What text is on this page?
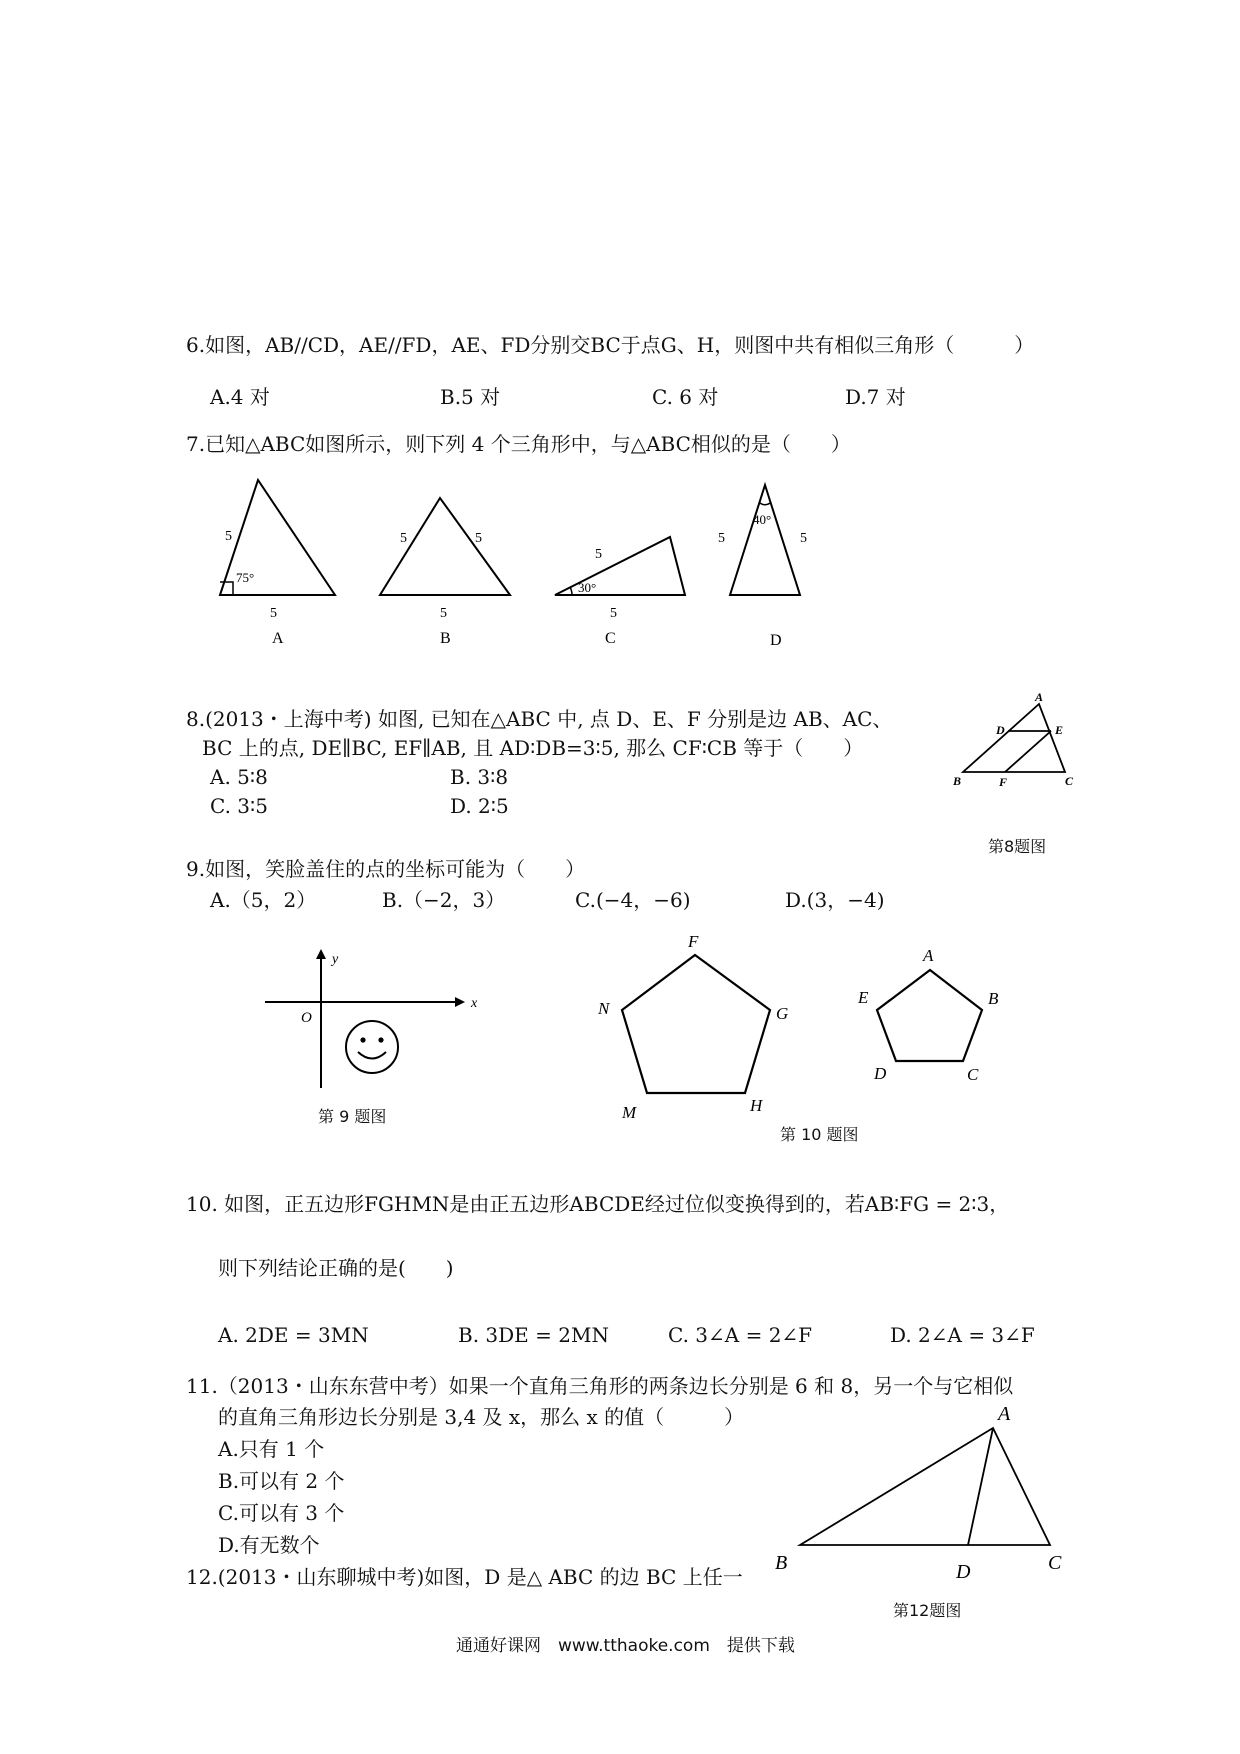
6.如图，AB//CD，AE//FD，AE、FD分别交BC于点G、H，则图中共有相似三角形（　　　）
A.4 对	B.5 对	C. 6 对	D.7 对
7.已知△ABC如图所示，则下列 4 个三角形中，与△ABC相似的是（　　）
5
5
75°
A
5	5
5
B
5
5
30°
C
5	5
40°
D
8.(2013・上海中考) 如图, 已知在△ABC 中, 点 D、E、F 分别是边 AB、AC、
BC 上的点, DE∥BC, EF∥AB, 且 AD∶DB=3∶5, 那么 CF∶CB 等于（　　）
A. 5∶8	B. 3∶8
C. 3∶5	D. 2∶5
A
D	E
B	F	C
第8题图
9.如图，笑脸盖住的点的坐标可能为（　　）
A.（5，2）	B.（−2，3）	C.(−4，−6)	D.(3，−4)
x
y
O
第 9 题图
F
G
H
M
N
A
B
C
D
E
第 10 题图
10. 如图，正五边形FGHMN是由正五边形ABCDE经过位似变换得到的，若AB∶FG = 2∶3，
则下列结论正确的是(　　)
A. 2DE = 3MN	B. 3DE = 2MN	C. 3∠A = 2∠F	D. 2∠A = 3∠F
11.（2013・山东东营中考）如果一个直角三角形的两条边长分别是 6 和 8，另一个与它相似
的直角三角形边长分别是 3,4 及 x，那么 x 的值（　　　）
A.只有 1 个
B.可以有 2 个
C.可以有 3 个
D.有无数个
12.(2013・山东聊城中考)如图，D 是△ ABC 的边 BC 上任一
A
B	D	C
第12题图
通通好课网　www.tthaoke.com　提供下载
